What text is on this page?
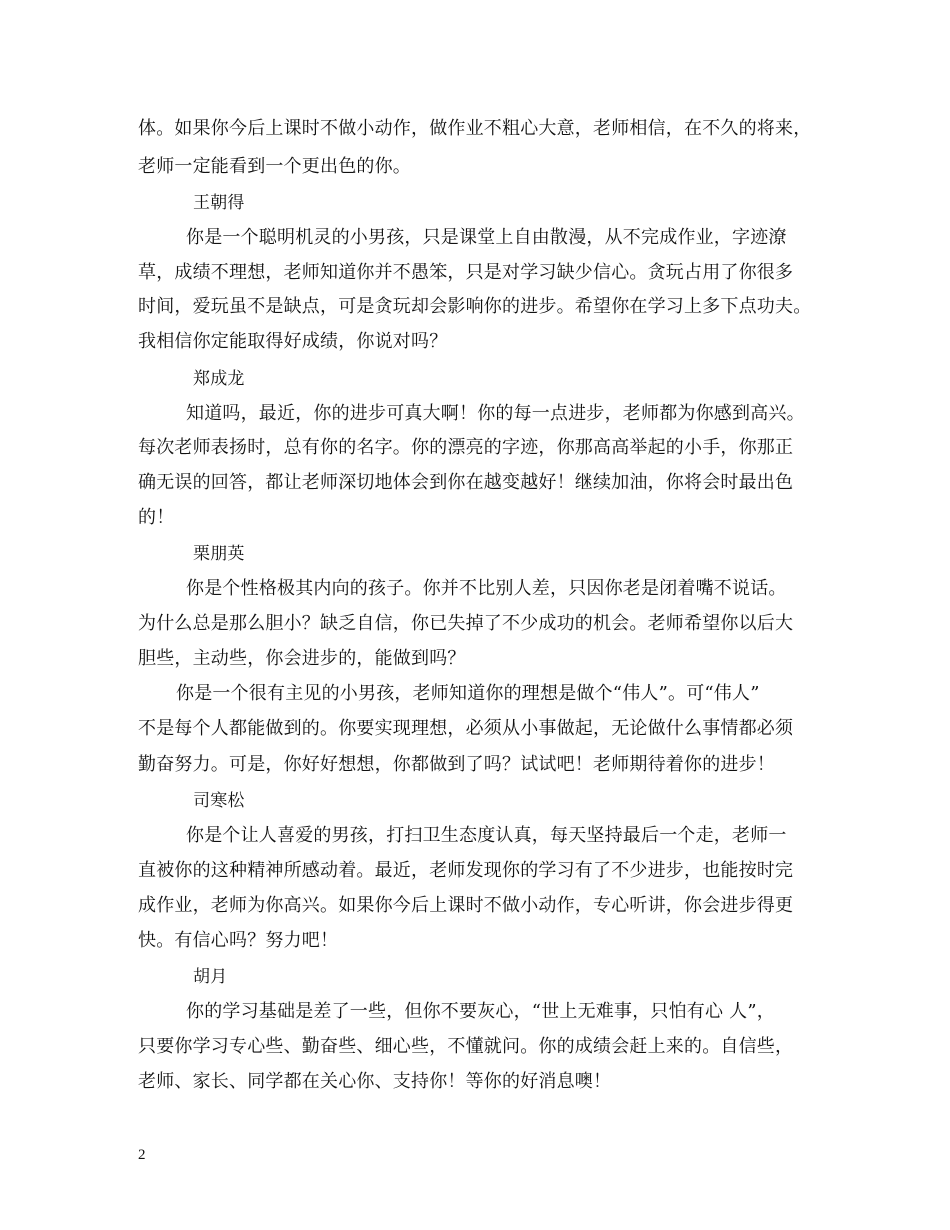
体。如果你今后上课时不做小动作，做作业不粗心大意，老师相信，在不久的将来，
老师一定能看到一个更出色的你。
王朝得
你是一个聪明机灵的小男孩，只是课堂上自由散漫，从不完成作业，字迹潦
草，成绩不理想，老师知道你并不愚笨，只是对学习缺少信心。贪玩占用了你很多
时间，爱玩虽不是缺点，可是贪玩却会影响你的进步。希望你在学习上多下点功夫。
我相信你定能取得好成绩，你说对吗？
郑成龙
知道吗，最近，你的进步可真大啊！你的每一点进步，老师都为你感到高兴。
每次老师表扬时，总有你的名字。你的漂亮的字迹，你那高高举起的小手，你那正
确无误的回答，都让老师深切地体会到你在越变越好！继续加油，你将会时最出色
的！
栗朋英
你是个性格极其内向的孩子。你并不比别人差，只因你老是闭着嘴不说话。
为什么总是那么胆小？缺乏自信，你已失掉了不少成功的机会。老师希望你以后大
胆些，主动些，你会进步的，能做到吗？
你是一个很有主见的小男孩，老师知道你的理想是做个“伟人”。可“伟人”
不是每个人都能做到的。你要实现理想，必须从小事做起，无论做什么事情都必须
勤奋努力。可是，你好好想想，你都做到了吗？试试吧！老师期待着你的进步！
司寒松
你是个让人喜爱的男孩，打扫卫生态度认真，每天坚持最后一个走，老师一
直被你的这种精神所感动着。最近，老师发现你的学习有了不少进步，也能按时完
成作业，老师为你高兴。如果你今后上课时不做小动作，专心听讲，你会进步得更
快。有信心吗？努力吧！
胡月
你的学习基础是差了一些，但你不要灰心，“世上无难事，只怕有心 人”，
只要你学习专心些、勤奋些、细心些，不懂就问。你的成绩会赶上来的。自信些，
老师、家长、同学都在关心你、支持你！等你的好消息噢！
2
